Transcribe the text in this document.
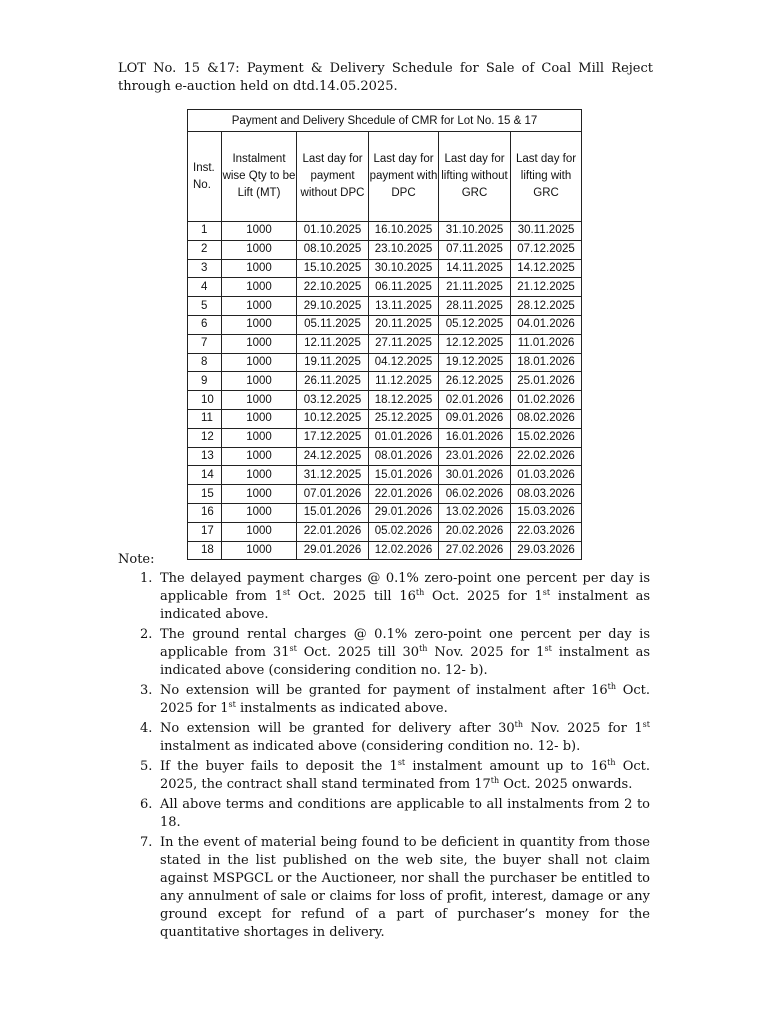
LOT No. 15 &17: Payment & Delivery Schedule for Sale of Coal Mill Reject through e-auction held on dtd.14.05.2025.
Payment and Delivery Shcedule of CMR for Lot No. 15 & 17					
Inst. No.	Instalment wise Qty to be Lift (MT)	Last day for payment without DPC	Last day for payment with DPC	Last day for lifting without GRC	Last day for lifting with GRC
1	1000	01.10.2025	16.10.2025	31.10.2025	30.11.2025
2	1000	08.10.2025	23.10.2025	07.11.2025	07.12.2025
3	1000	15.10.2025	30.10.2025	14.11.2025	14.12.2025
4	1000	22.10.2025	06.11.2025	21.11.2025	21.12.2025
5	1000	29.10.2025	13.11.2025	28.11.2025	28.12.2025
6	1000	05.11.2025	20.11.2025	05.12.2025	04.01.2026
7	1000	12.11.2025	27.11.2025	12.12.2025	11.01.2026
8	1000	19.11.2025	04.12.2025	19.12.2025	18.01.2026
9	1000	26.11.2025	11.12.2025	26.12.2025	25.01.2026
10	1000	03.12.2025	18.12.2025	02.01.2026	01.02.2026
11	1000	10.12.2025	25.12.2025	09.01.2026	08.02.2026
12	1000	17.12.2025	01.01.2026	16.01.2026	15.02.2026
13	1000	24.12.2025	08.01.2026	23.01.2026	22.02.2026
14	1000	31.12.2025	15.01.2026	30.01.2026	01.03.2026
15	1000	07.01.2026	22.01.2026	06.02.2026	08.03.2026
16	1000	15.01.2026	29.01.2026	13.02.2026	15.03.2026
17	1000	22.01.2026	05.02.2026	20.02.2026	22.03.2026
18	1000	29.01.2026	12.02.2026	27.02.2026	29.03.2026
Note:
1. The delayed payment charges @ 0.1% zero-point one percent per day is applicable from 1st Oct. 2025 till 16th Oct. 2025 for 1st instalment as indicated above.
2. The ground rental charges @ 0.1% zero-point one percent per day is applicable from 31st Oct. 2025 till 30th Nov. 2025 for 1st instalment as indicated above (considering condition no. 12- b).
3. No extension will be granted for payment of instalment after 16th Oct. 2025 for 1st instalments as indicated above.
4. No extension will be granted for delivery after 30th Nov. 2025 for 1st instalment as indicated above (considering condition no. 12- b).
5. If the buyer fails to deposit the 1st instalment amount up to 16th Oct. 2025, the contract shall stand terminated from 17th Oct. 2025 onwards.
6. All above terms and conditions are applicable to all instalments from 2 to 18.
7. In the event of material being found to be deficient in quantity from those stated in the list published on the web site, the buyer shall not claim against MSPGCL or the Auctioneer, nor shall the purchaser be entitled to any annulment of sale or claims for loss of profit, interest, damage or any ground except for refund of a part of purchaser’s money for the quantitative shortages in delivery.
